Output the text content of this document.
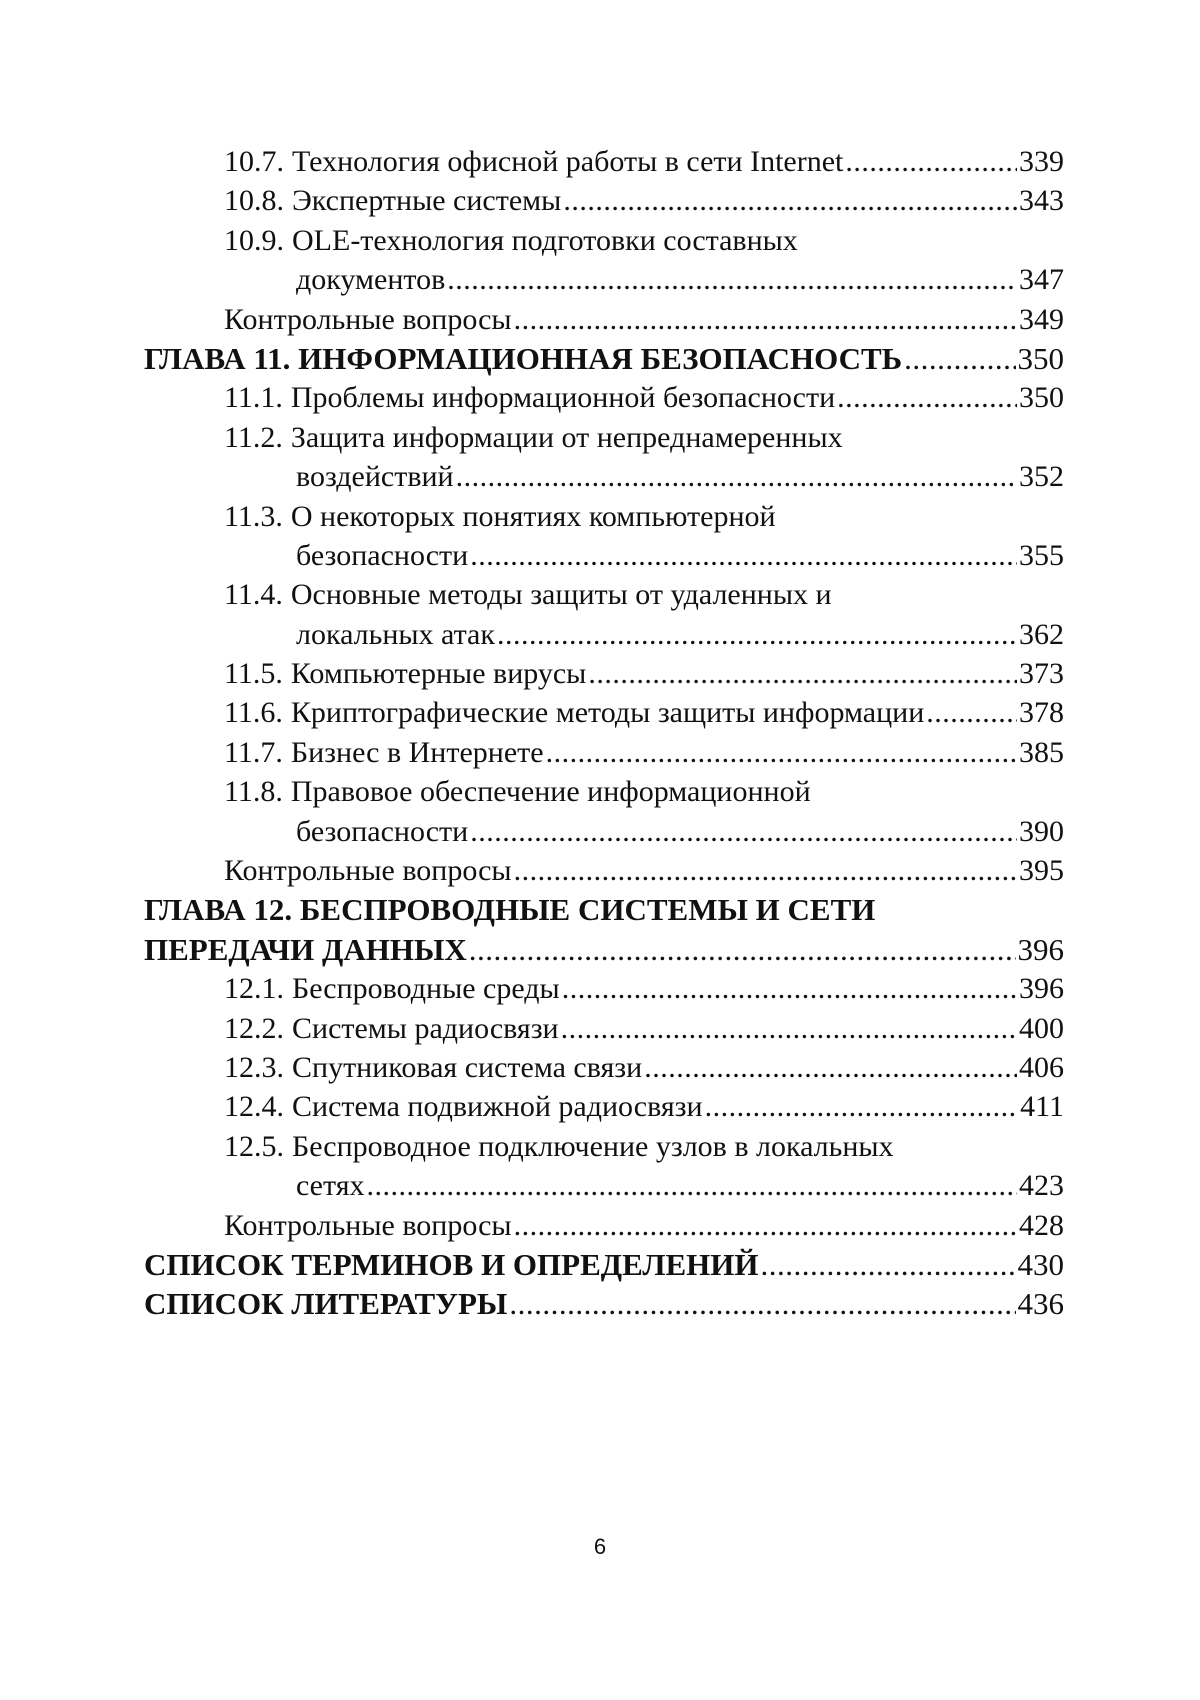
10.7. Технология офисной работы в сети Internet .....	339
10.8. Экспертные системы .....	343
10.9. OLE-технология подготовки составных
документов .....	347
Контрольные вопросы .....	349
ГЛАВА 11. ИНФОРМАЦИОННАЯ БЕЗОПАСНОСТЬ .....	350
11.1. Проблемы информационной безопасности .....	350
11.2. Защита информации от непреднамеренных
воздействий .....	352
11.3. О некоторых понятиях компьютерной
безопасности .....	355
11.4. Основные методы защиты от удаленных и
локальных атак .....	362
11.5. Компьютерные вирусы .....	373
11.6. Криптографические методы защиты информации .....	378
11.7. Бизнес в Интернете .....	385
11.8. Правовое обеспечение информационной
безопасности .....	390
Контрольные вопросы .....	395
ГЛАВА 12. БЕСПРОВОДНЫЕ СИСТЕМЫ И СЕТИ
ПЕРЕДАЧИ ДАННЫХ .....	396
12.1. Беспроводные среды .....	396
12.2. Системы радиосвязи .....	400
12.3. Спутниковая система связи .....	406
12.4. Система подвижной радиосвязи .....	411
12.5. Беспроводное подключение узлов в локальных
сетях .....	423
Контрольные вопросы .....	428
СПИСОК ТЕРМИНОВ И ОПРЕДЕЛЕНИЙ .....	430
СПИСОК ЛИТЕРАТУРЫ .....	436
6
